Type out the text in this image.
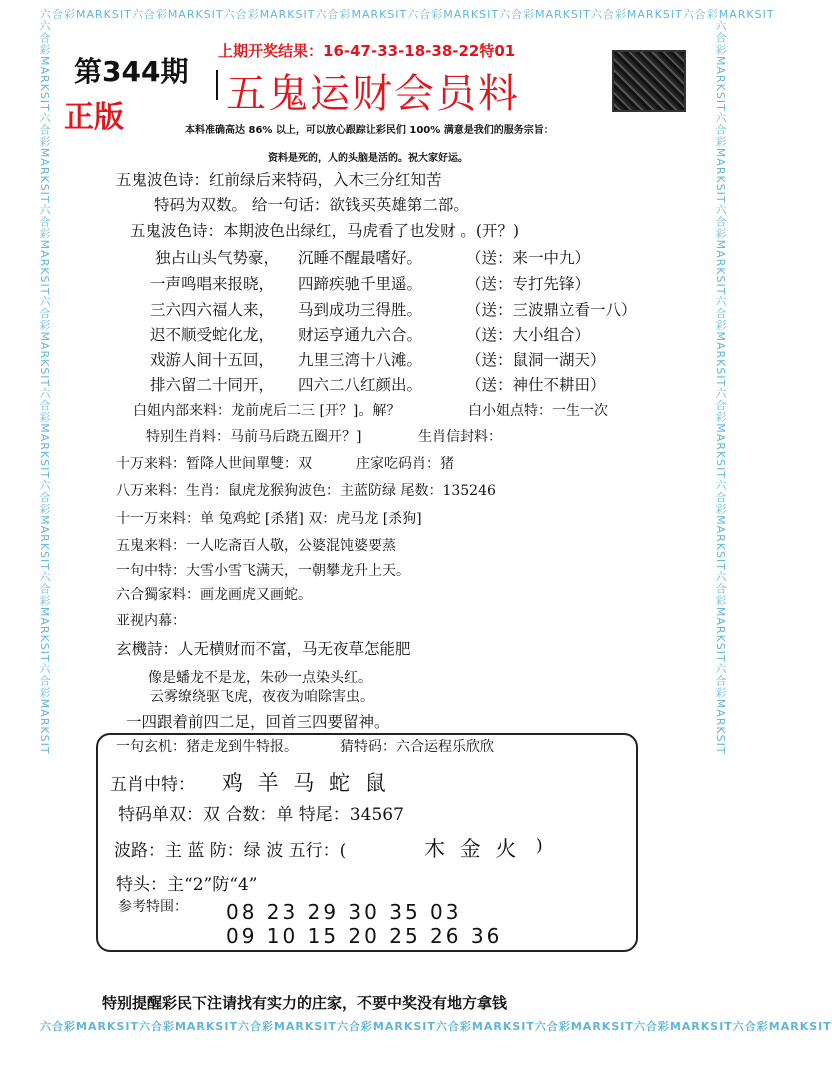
六合彩MARKSIT六合彩MARKSIT六合彩MARKSIT六合彩MARKSIT六合彩MARKSIT六合彩MARKSIT六合彩MARKSIT六合彩MARKSIT
六合彩MARKSIT六合彩MARKSIT六合彩MARKSIT六合彩MARKSIT六合彩MARKSIT六合彩MARKSIT六合彩MARKSIT六合彩MARKSIT
六合彩MARKSIT六合彩MARKSIT六合彩MARKSIT六合彩MARKSIT六合彩MARKSIT六合彩MARKSIT六合彩MARKSIT六合彩MARKSIT	六合彩MARKSIT六合彩MARKSIT六合彩MARKSIT六合彩MARKSIT六合彩MARKSIT六合彩MARKSIT六合彩MARKSIT六合彩MARKSIT
第344期
正版
上期开奖结果：16-47-33-18-38-22特01
五鬼运财会员料
本料准确高达 86% 以上，可以放心跟踪让彩民们 100% 满意是我们的服务宗旨：
资料是死的，人的头脑是活的。祝大家好运。
五鬼波色诗：红前绿后来特码，入木三分红知苦
特码为双数。 给一句话：欲钱买英雄第二部。
五鬼波色诗：本期波色出绿红，马虎看了也发财 。(开？)
独占山头气势豪， 沉睡不醒最嗜好。	（送：来一中九）
一声鸣唱来报晓， 四蹄疾驰千里遥。	（送：专打先锋）
三六四六福人来， 马到成功三得胜。	（送：三波鼎立看一八）
迟不顺受蛇化龙， 财运亨通九六合。	（送：大小组合）
戏游人间十五回， 九里三湾十八滩。	（送：鼠洞一湖天）
排六留二十同开， 四六二八红颜出。	（送：神仕不耕田）
白姐内部来料：龙前虎后二三 [开？]。解？	白小姐点特：一生一次
特别生肖料：马前马后跷五圈开？]	生肖信封料：
十万来料：暂降人世间單雙：双	庄家吃码肖：猪
八万来料：生肖：鼠虎龙猴狗波色：主蓝防绿 尾数：135246
十一万来料：单 兔鸡蛇 [杀猪] 双：虎马龙 [杀狗]
五鬼来料：一人吃斋百人敬，公婆混饨婆要蒸
一句中特：大雪小雪飞满天，一朝攀龙升上天。
六合獨家料：画龙画虎又画蛇。
亚视内幕：
玄機詩：人无横财而不富，马无夜草怎能肥
像是蟠龙不是龙，朱砂一点染头红。
云雾缭绕驱飞虎，夜夜为咱除害虫。
一四跟着前四二足，回首三四要留神。
一句玄机：猪走龙到牛特报。	猜特码：六合运程乐欣欣
五肖中特： 鸡 羊 马 蛇 鼠
特码单双：双 合数：单 特尾：34567
波路：主 蓝 防：绿 波 五行：(	木 金 火 )
特头：主“2”防“4”
参考特围： 08 23 29 30 35 03
09 10 15 20 25 26 36
特别提醒彩民下注请找有实力的庄家，不要中奖没有地方拿钱
